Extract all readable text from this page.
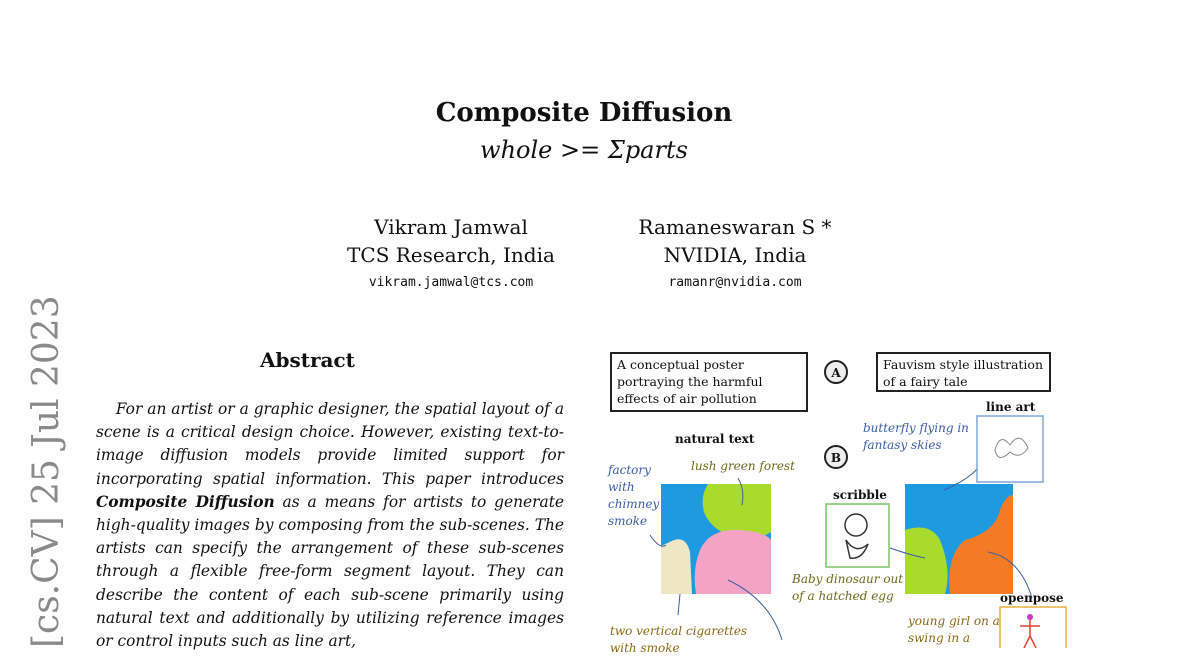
Composite Diffusion
whole >= Σparts
Vikram Jamwal
TCS Research, India
vikram.jamwal@tcs.com
Ramaneswaran S *
NVIDIA, India
ramanr@nvidia.com
[cs.CV] 25 Jul 2023	Abstract
For an artist or a graphic designer, the spatial layout of a scene is a critical design choice. However, existing text-to-image diffusion models provide limited support for incorporating spatial information. This paper introduces Composite Diffusion as a means for artists to generate high-quality images by composing from the sub-scenes. The artists can specify the arrangement of these sub-scenes through a flexible free-form segment layout. They can describe the content of each sub-scene primarily using natural text and additionally by utilizing reference images or control inputs such as line art,
A conceptual poster portraying the harmful effects of air pollution
A
Fauvism style illustration of a fairy tale
B
natural text
line art
scribble
openpose
factory with chimney smoke
lush green forest
two vertical cigarettes with smoke
butterfly flying in fantasy skies
Baby dinosaur out of a hatched egg
young girl on a swing in a
